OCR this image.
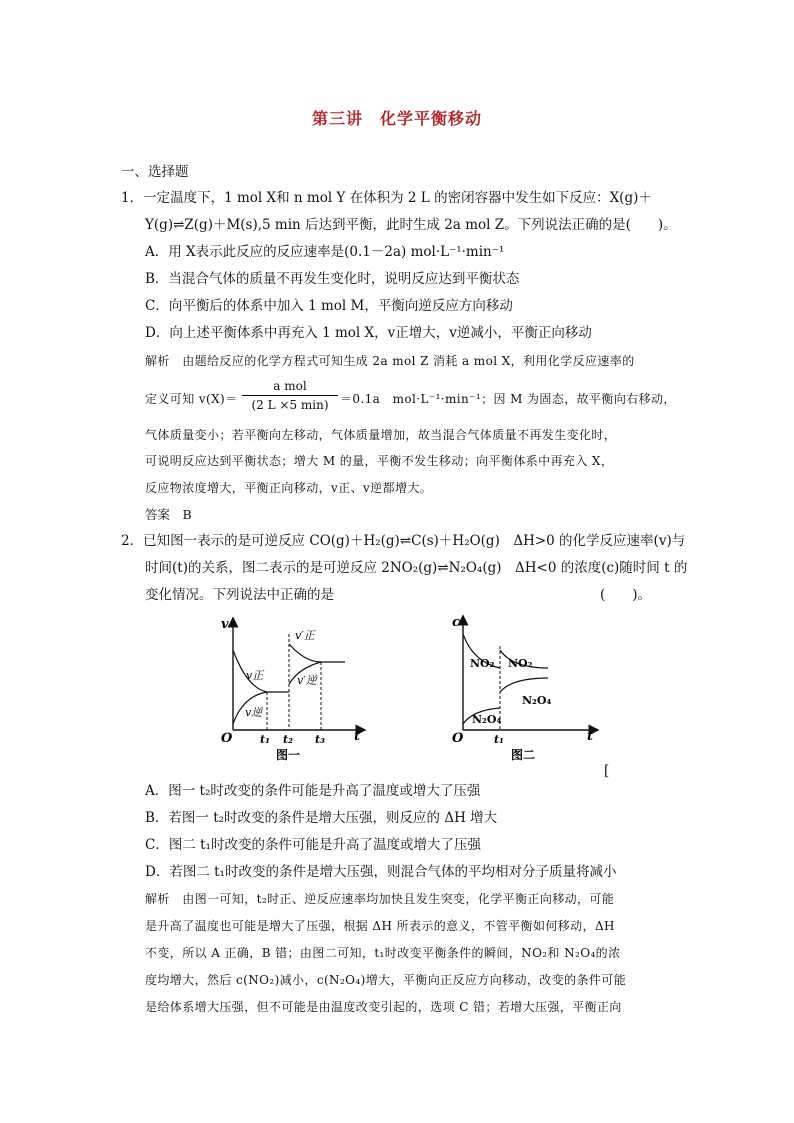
第三讲　化学平衡移动
一、选择题
1．一定温度下，1 mol X和 n mol Y 在体积为 2 L 的密闭容器中发生如下反应：X(g)＋
Y(g)⇌Z(g)＋M(s),5 min 后达到平衡，此时生成 2a mol Z。下列说法正确的是(　　)。
A．用 X表示此反应的反应速率是(0.1－2a) mol·L⁻¹·min⁻¹
B．当混合气体的质量不再发生变化时，说明反应达到平衡状态
C．向平衡后的体系中加入 1 mol M，平衡向逆反应方向移动
D．向上述平衡体系中再充入 1 mol X，v正增大，v逆减小，平衡正向移动
解析　由题给反应的化学方程式可知生成 2a mol Z 消耗 a mol X，利用化学反应速率的
定义可知 v(X)＝
a mol
(2 L ×5 min) ＝0.1a　mol·L⁻¹·min⁻¹；因 M 为固态，故平衡向右移动，
气体质量变小；若平衡向左移动，气体质量增加，故当混合气体质量不再发生变化时，
可说明反应达到平衡状态；增大 M 的量，平衡不发生移动；向平衡体系中再充入 X，
反应物浓度增大，平衡正向移动，v正、v逆都增大。
答案　B
2．已知图一表示的是可逆反应 CO(g)＋H₂(g)⇌C(s)＋H₂O(g)　ΔH>0 的化学反应速率(v)与
时间(t)的关系，图二表示的是可逆反应 2NO₂(g)⇌N₂O₄(g)　ΔH<0 的浓度(c)随时间 t 的
变化情况。下列说法中正确的是	(　　)。
v
t
O
v正
v逆
v′正
v′逆
t₁ t₂ t₃
图一
c
t
O
NO₂ NO₂
N₂O₄
N₂O₄
t₁
图二
[
A．图一 t₂时改变的条件可能是升高了温度或增大了压强
B．若图一 t₂时改变的条件是增大压强，则反应的 ΔH 增大
C．图二 t₁时改变的条件可能是升高了温度或增大了压强
D．若图二 t₁时改变的条件是增大压强，则混合气体的平均相对分子质量将减小
解析　由图一可知，t₂时正、逆反应速率均加快且发生突变，化学平衡正向移动，可能
是升高了温度也可能是增大了压强，根据 ΔH 所表示的意义，不管平衡如何移动，ΔH
不变，所以 A 正确，B 错；由图二可知，t₁时改变平衡条件的瞬间，NO₂和 N₂O₄的浓
度均增大，然后 c(NO₂)减小，c(N₂O₄)增大，平衡向正反应方向移动，改变的条件可能
是给体系增大压强，但不可能是由温度改变引起的，选项 C 错；若增大压强，平衡正向
